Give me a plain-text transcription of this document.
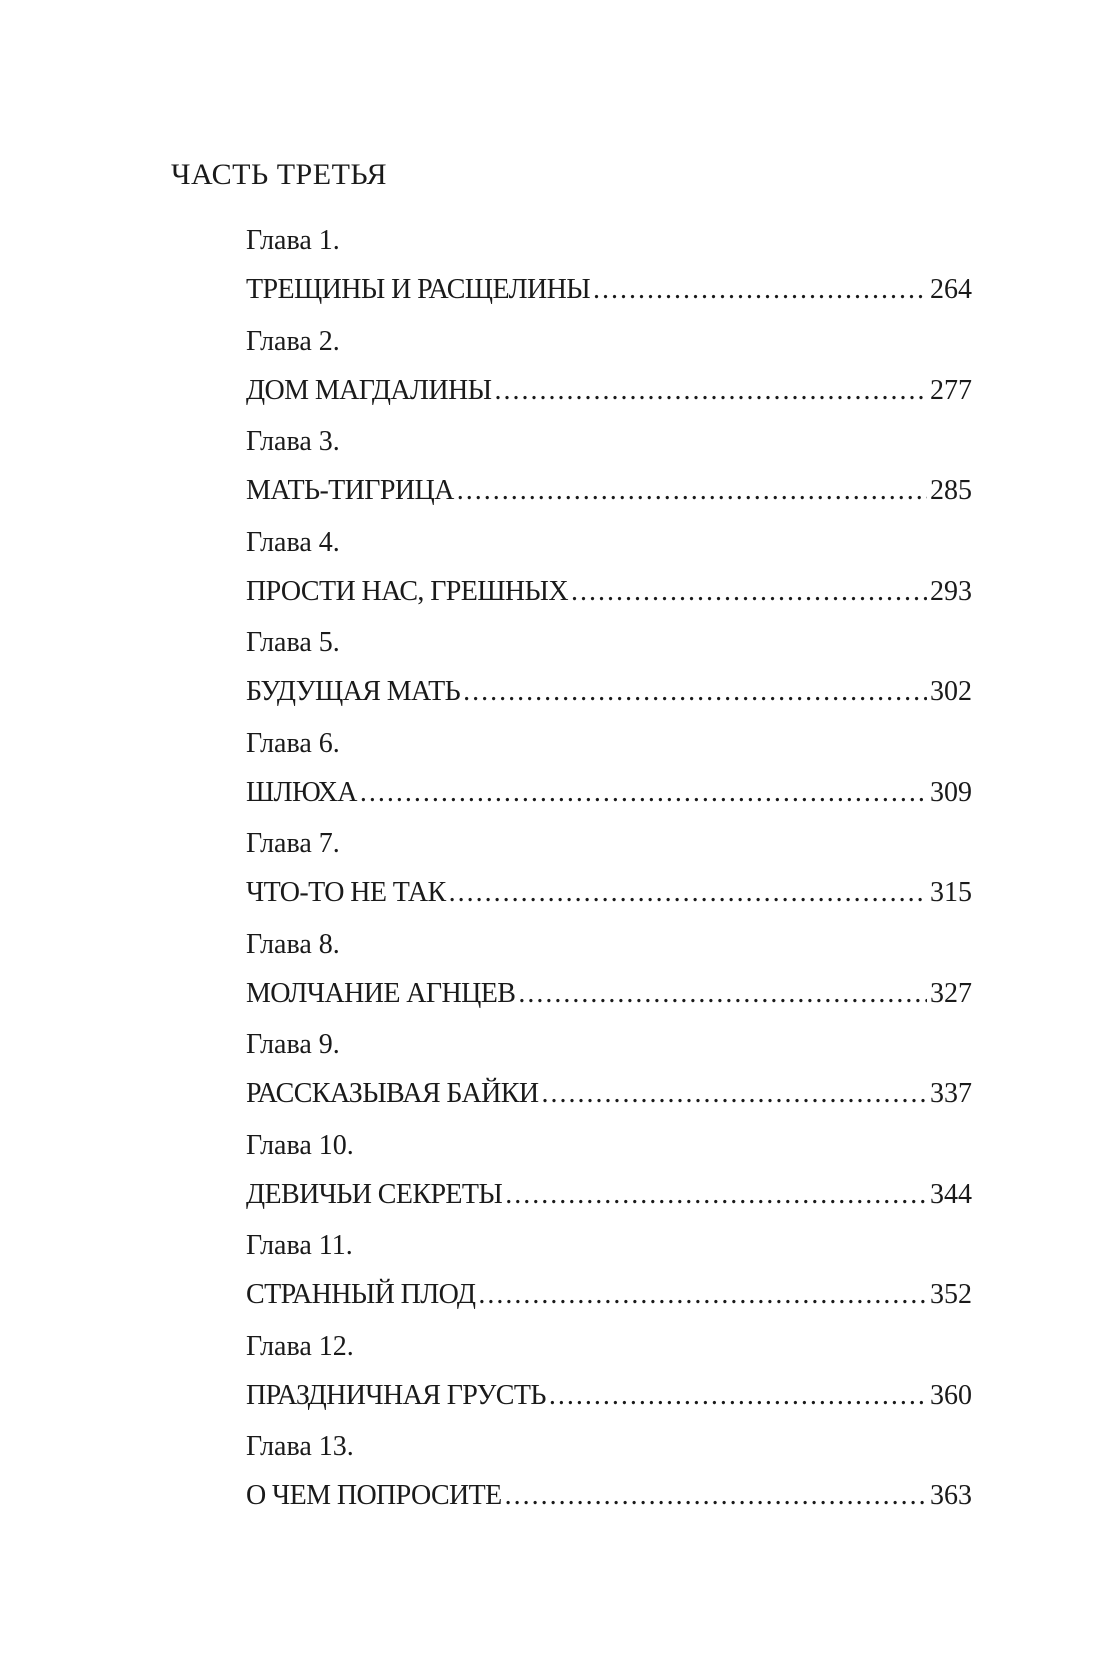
ЧАСТЬ ТРЕТЬЯ
Глава 1.
ТРЕЩИНЫ И РАСЩЕЛИНЫ .....	264
Глава 2.
ДОМ МАГДАЛИНЫ .....	277
Глава 3.
МАТЬ-ТИГРИЦА .....	285
Глава 4.
ПРОСТИ НАС, ГРЕШНЫХ .....	293
Глава 5.
БУДУЩАЯ МАТЬ .....	302
Глава 6.
ШЛЮХА .....	309
Глава 7.
ЧТО-ТО НЕ ТАК .....	315
Глава 8.
МОЛЧАНИЕ АГНЦЕВ .....	327
Глава 9.
РАССКАЗЫВАЯ БАЙКИ .....	337
Глава 10.
ДЕВИЧЬИ СЕКРЕТЫ .....	344
Глава 11.
СТРАННЫЙ ПЛОД .....	352
Глава 12.
ПРАЗДНИЧНАЯ ГРУСТЬ .....	360
Глава 13.
О ЧЕМ ПОПРОСИТЕ .....	363
